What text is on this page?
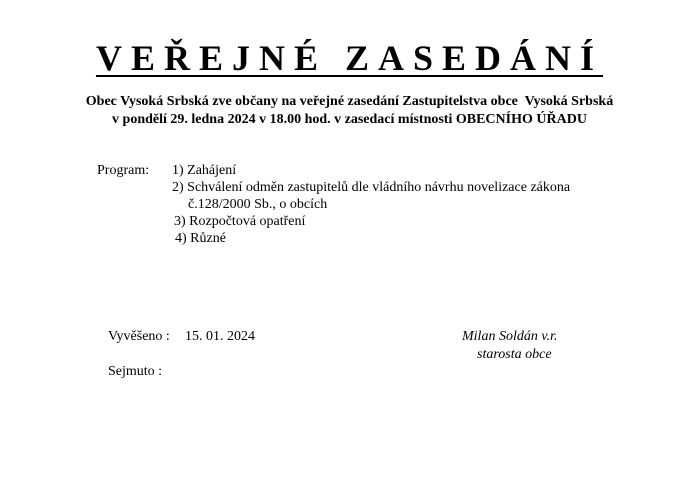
VEŘEJNÉ ZASEDÁNÍ
Obec Vysoká Srbská zve občany na veřejné zasedání Zastupitelstva obce  Vysoká Srbská
v pondělí 29. ledna 2024 v 18.00 hod. v zasedací místnosti OBECNÍHO ÚŘADU
Program: 1) Zahájení
2) Schválení odměn zastupitelů dle vládního návrhu novelizace zákona
č.128/2000 Sb., o obcích
3) Rozpočtová opatření
4) Různé
Vyvěšeno : 15. 01. 2024	Milan Soldán v.r.
starosta obce
Sejmuto :
